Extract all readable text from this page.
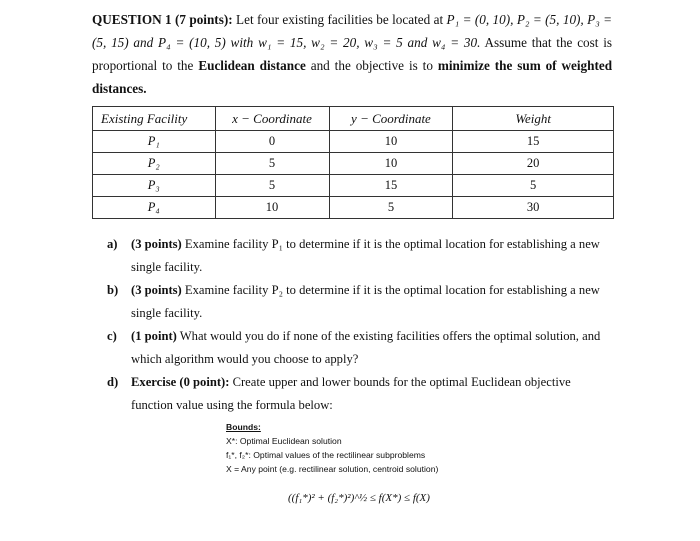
QUESTION 1 (7 points): Let four existing facilities be located at P₁ = (0, 10), P₂ = (5, 10), P₃ = (5, 15) and P₄ = (10, 5) with w₁ = 15, w₂ = 20, w₃ = 5 and w₄ = 30. Assume that the cost is proportional to the Euclidean distance and the objective is to minimize the sum of weighted distances.
Existing Facility	x − Coordinate	y − Coordinate	Weight
P₁	0	10	15
P₂	5	10	20
P₃	5	15	5
P₄	10	5	30
a) (3 points) Examine facility P₁ to determine if it is the optimal location for establishing a new single facility.
b) (3 points) Examine facility P₂ to determine if it is the optimal location for establishing a new single facility.
c) (1 point) What would you do if none of the existing facilities offers the optimal solution, and which algorithm would you choose to apply?
d) Exercise (0 point): Create upper and lower bounds for the optimal Euclidean objective function value using the formula below:
Bounds:
X*: Optimal Euclidean solution
f₁*, f₂*: Optimal values of the rectilinear subproblems
X = Any point (e.g. rectilinear solution, centroid solution)
((f₁*)² + (f₂*)²)^½ ≤ f(X*) ≤ f(X)
